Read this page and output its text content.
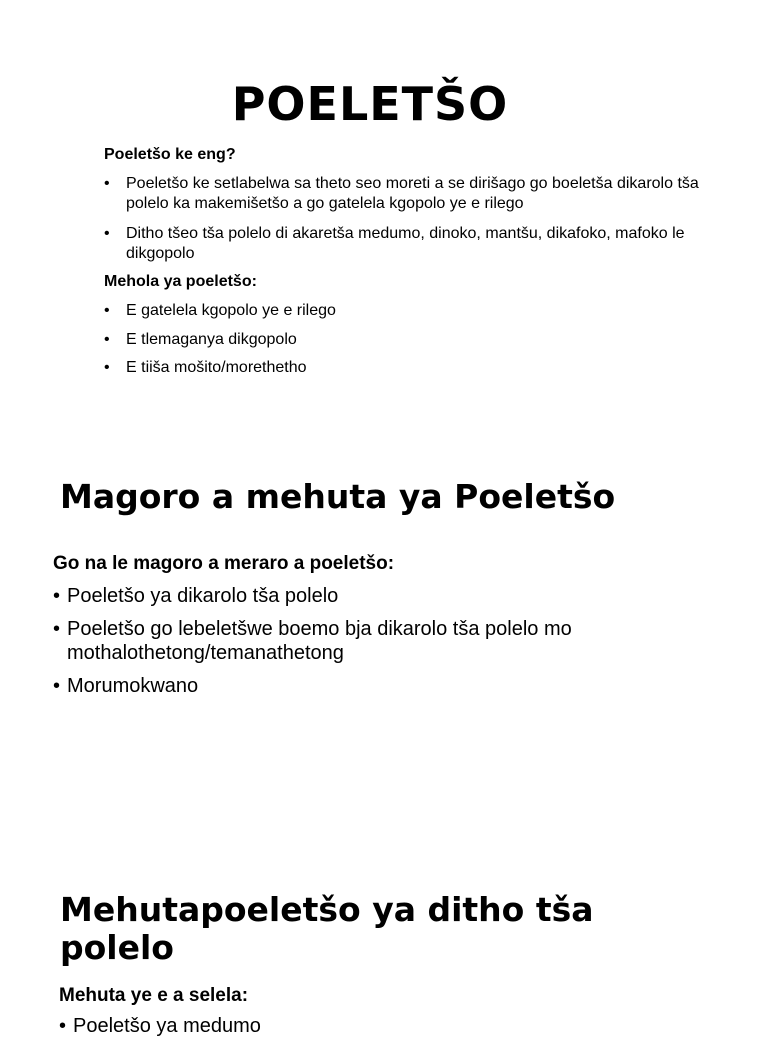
POELETŠO

Poeletšo ke eng?

• Poeletšo ke setlabelwa sa theto seo moreti a se dirišago go boeletša dikarolo tša polelo ka makemišetšo a go gatelela kgopolo ye e rilego
• Ditho tšeo tša polelo di akaretša medumo, dinoko, mantšu, dikafoko, mafoko le dikgopolo

Mehola ya poeletšo:

• E gatelela kgopolo ye e rilego
• E tlemaganya dikgopolo
• E tiiša mošito/morethetho
Magoro a mehuta ya Poeletšo

Go na le magoro a meraro a poeletšo:

• Poeletšo ya dikarolo tša polelo
• Poeletšo go lebeletšwe boemo bja dikarolo tša polelo mo mothalothetong/temanathetong
• Morumokwano
Mehutapoeletšo ya ditho tša polelo

Mehuta ye e a selela:

• Poeletšo ya medumo
